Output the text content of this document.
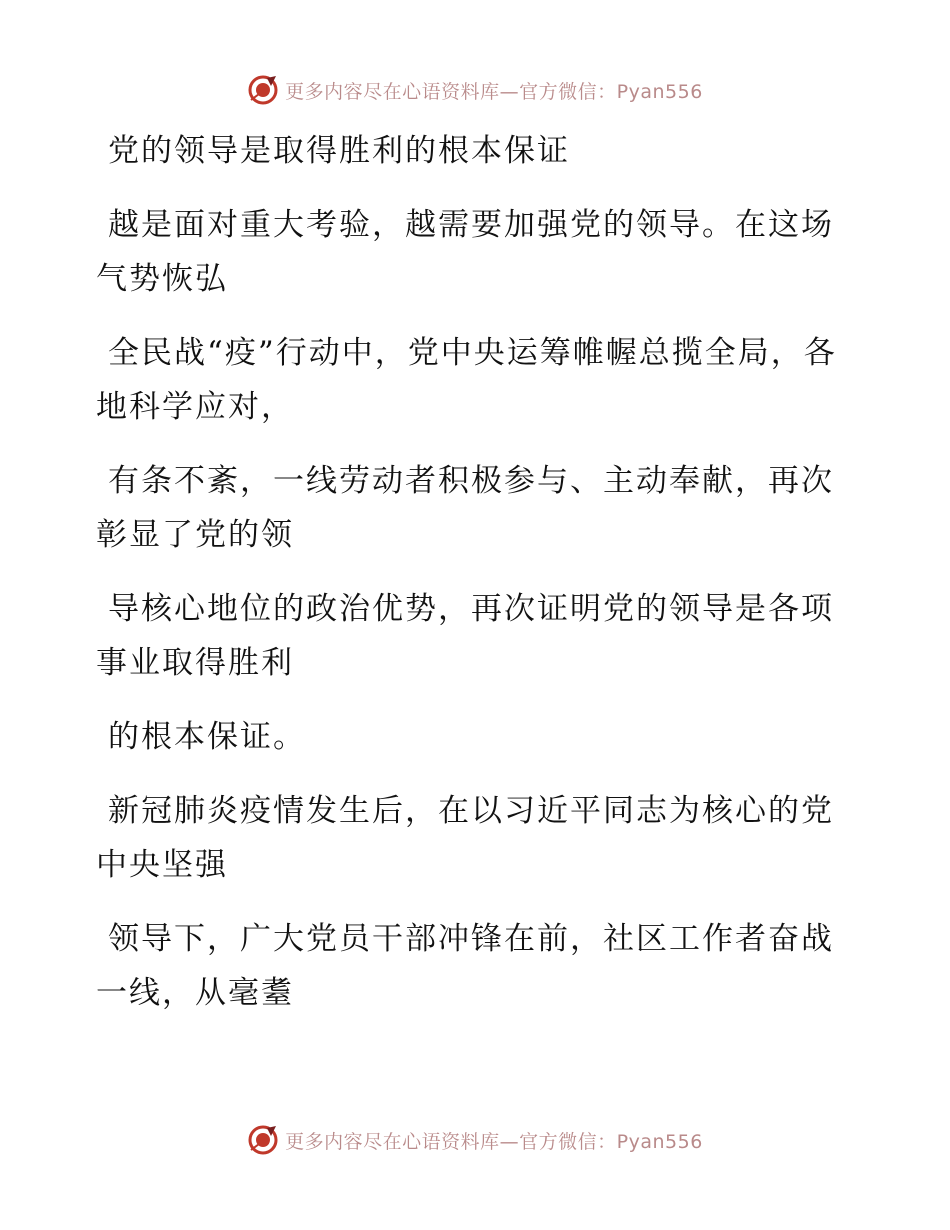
更多内容尽在心语资料库—官方微信：Pyan556

党的领导是取得胜利的根本保证

越是面对重大考验，越需要加强党的领导。在这场气势恢弘

全民战“疫”行动中，党中央运筹帷幄总揽全局，各地科学应对，

有条不紊，一线劳动者积极参与、主动奉献，再次彰显了党的领

导核心地位的政治优势，再次证明党的领导是各项事业取得胜利

的根本保证。

新冠肺炎疫情发生后，在以习近平同志为核心的党中央坚强

领导下，广大党员干部冲锋在前，社区工作者奋战一线，从毫耋

更多内容尽在心语资料库—官方微信：Pyan556
